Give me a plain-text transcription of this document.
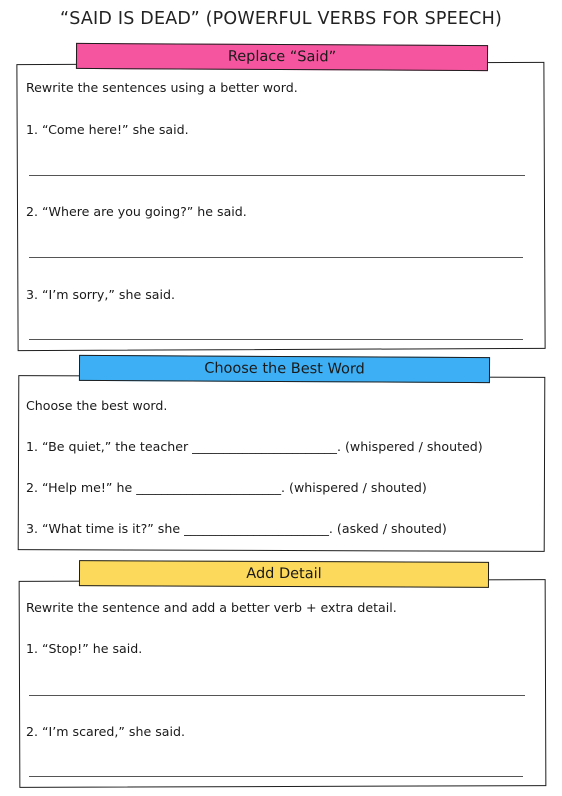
“SAID IS DEAD” (POWERFUL VERBS FOR SPEECH)
Replace “Said”
Rewrite the sentences using a better word.
1. “Come here!” she said.
2. “Where are you going?” he said.
3. “I’m sorry,” she said.
Choose the Best Word
Choose the best word.
1. “Be quiet,” the teacher _______________________. (whispered / shouted)
2. “Help me!” he _______________________. (whispered / shouted)
3. “What time is it?” she _______________________. (asked / shouted)
Add Detail
Rewrite the sentence and add a better verb + extra detail.
1. “Stop!” he said.
2. “I’m scared,” she said.
